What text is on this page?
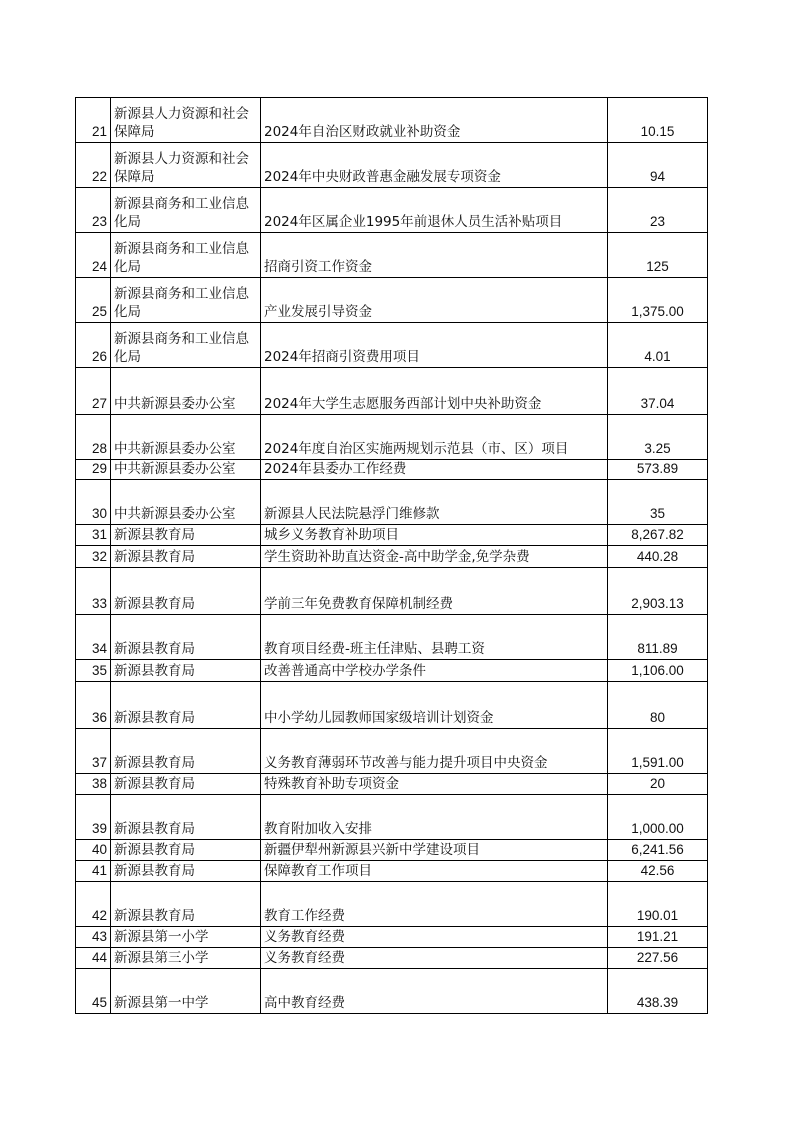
21	新源县人力资源和社会保障局	2024年自治区财政就业补助资金	10.15
22	新源县人力资源和社会保障局	2024年中央财政普惠金融发展专项资金	94
23	新源县商务和工业信息化局	2024年区属企业1995年前退休人员生活补贴项目	23
24	新源县商务和工业信息化局	招商引资工作资金	125
25	新源县商务和工业信息化局	产业发展引导资金	1,375.00
26	新源县商务和工业信息化局	2024年招商引资费用项目	4.01
27	中共新源县委办公室	2024年大学生志愿服务西部计划中央补助资金	37.04
28	中共新源县委办公室	2024年度自治区实施两规划示范县（市、区）项目	3.25
29	中共新源县委办公室	2024年县委办工作经费	573.89
30	中共新源县委办公室	新源县人民法院悬浮门维修款	35
31	新源县教育局	城乡义务教育补助项目	8,267.82
32	新源县教育局	学生资助补助直达资金-高中助学金,免学杂费	440.28
33	新源县教育局	学前三年免费教育保障机制经费	2,903.13
34	新源县教育局	教育项目经费-班主任津贴、县聘工资	811.89
35	新源县教育局	改善普通高中学校办学条件	1,106.00
36	新源县教育局	中小学幼儿园教师国家级培训计划资金	80
37	新源县教育局	义务教育薄弱环节改善与能力提升项目中央资金	1,591.00
38	新源县教育局	特殊教育补助专项资金	20
39	新源县教育局	教育附加收入安排	1,000.00
40	新源县教育局	新疆伊犁州新源县兴新中学建设项目	6,241.56
41	新源县教育局	保障教育工作项目	42.56
42	新源县教育局	教育工作经费	190.01
43	新源县第一小学	义务教育经费	191.21
44	新源县第三小学	义务教育经费	227.56
45	新源县第一中学	高中教育经费	438.39
